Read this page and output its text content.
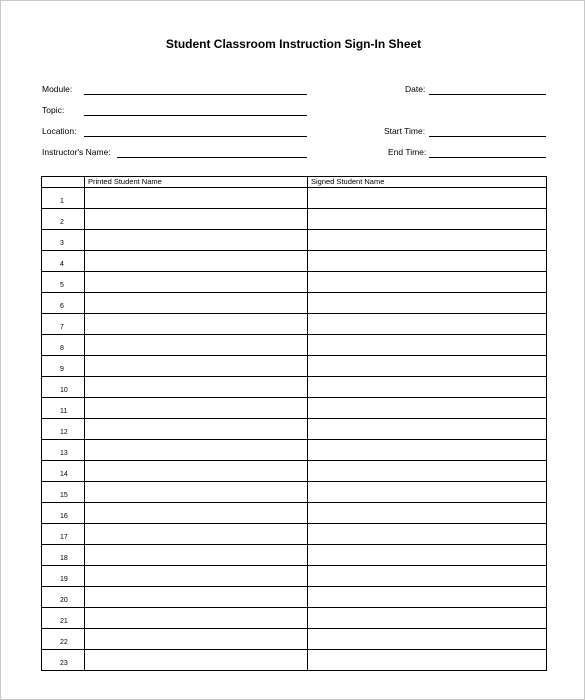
Student Classroom Instruction Sign-In Sheet
Module:
Topic:
Location:
Instructor's Name:
Date:
Start Time:
End Time:
Printed Student Name	Signed Student Name
1
2
3
4
5
6
7
8
9
10
11
12
13
14
15
16
17
18
19
20
21
22
23
